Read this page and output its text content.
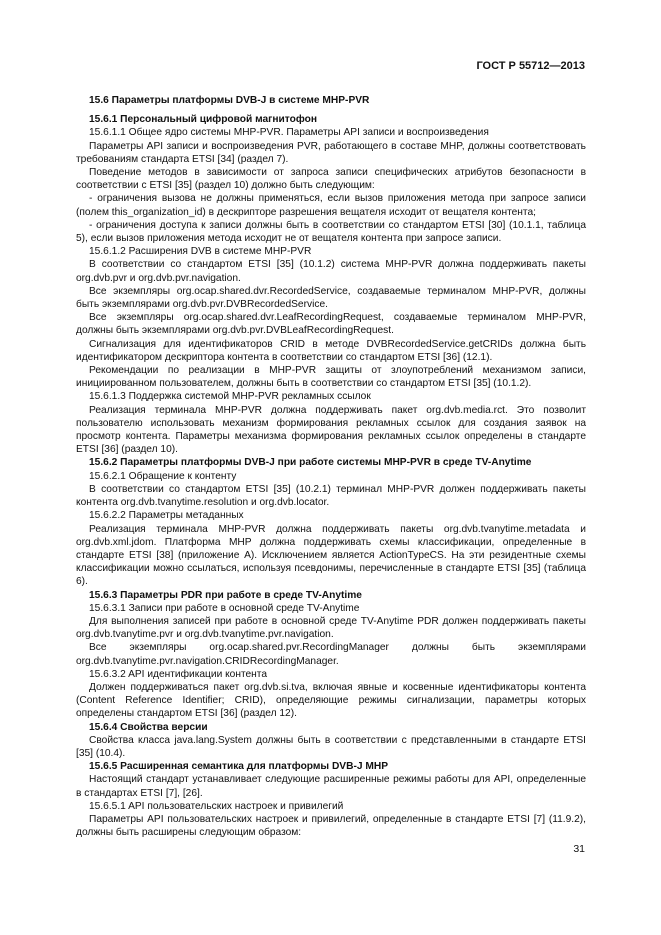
ГОСТ Р 55712—2013

15.6 Параметры платформы DVB-J в системе MHP-PVR

15.6.1 Персональный цифровой магнитофон

15.6.1.1 Общее ядро системы MHP-PVR. Параметры API записи и воспроизведения

Параметры API записи и воспроизведения PVR, работающего в составе MHP, должны соответствовать требованиям стандарта ETSI [34] (раздел 7).

Поведение методов в зависимости от запроса записи специфических атрибутов безопасности в соответствии с ETSI [35] (раздел 10) должно быть следующим:

- ограничения вызова не должны применяться, если вызов приложения метода при запросе записи (полем this_organization_id) в дескрипторе разрешения вещателя исходит от вещателя контента;

- ограничения доступа к записи должны быть в соответствии со стандартом ETSI [30] (10.1.1, таблица 5), если вызов приложения метода исходит не от вещателя контента при запросе записи.

15.6.1.2 Расширения DVB в системе MHP-PVR

В соответствии со стандартом ETSI [35] (10.1.2) система MHP-PVR должна поддерживать пакеты org.dvb.pvr и org.dvb.pvr.navigation.

Все экземпляры org.ocap.shared.dvr.RecordedService, создаваемые терминалом MHP-PVR, должны быть экземплярами org.dvb.pvr.DVBRecordedService.

Все экземпляры org.ocap.shared.dvr.LeafRecordingRequest, создаваемые терминалом MHP-PVR, должны быть экземплярами org.dvb.pvr.DVBLeafRecordingRequest.

Сигнализация для идентификаторов CRID в методе DVBRecordedService.getCRIDs должна быть идентификатором дескриптора контента в соответствии со стандартом ETSI [36] (12.1).

Рекомендации по реализации в MHP-PVR защиты от злоупотреблений механизмом записи, инициированном пользователем, должны быть в соответствии со стандартом ETSI [35] (10.1.2).

15.6.1.3 Поддержка системой MHP-PVR рекламных ссылок

Реализация терминала MHP-PVR должна поддерживать пакет org.dvb.media.rct. Это позволит пользователю использовать механизм формирования рекламных ссылок для создания заявок на просмотр контента. Параметры механизма формирования рекламных ссылок определены в стандарте ETSI [36] (раздел 10).

15.6.2 Параметры платформы DVB-J при работе системы MHP-PVR в среде TV-Anytime

15.6.2.1 Обращение к контенту

В соответствии со стандартом ETSI [35] (10.2.1) терминал MHP-PVR должен поддерживать пакеты контента org.dvb.tvanytime.resolution и org.dvb.locator.

15.6.2.2 Параметры метаданных

Реализация терминала MHP-PVR должна поддерживать пакеты org.dvb.tvanytime.metadata и org.dvb.xml.jdom. Платформа MHP должна поддерживать схемы классификации, определенные в стандарте ETSI [38] (приложение А). Исключением является ActionTypeCS. На эти резидентные схемы классификации можно ссылаться, используя псевдонимы, перечисленные в стандарте ETSI [35] (таблица 6).

15.6.3 Параметры PDR при работе в среде TV-Anytime

15.6.3.1 Записи при работе в основной среде TV-Anytime

Для выполнения записей при работе в основной среде TV-Anytime PDR должен поддерживать пакеты org.dvb.tvanytime.pvr и org.dvb.tvanytime.pvr.navigation.

Все экземпляры org.ocap.shared.pvr.RecordingManager должны быть экземплярами org.dvb.tvanytime.pvr.navigation.CRIDRecordingManager.

15.6.3.2 API идентификации контента

Должен поддерживаться пакет org.dvb.si.tva, включая явные и косвенные идентификаторы контента (Content Reference Identifier; CRID), определяющие режимы сигнализации, параметры которых определены стандартом ETSI [36] (раздел 12).

15.6.4 Свойства версии

Свойства класса java.lang.System должны быть в соответствии с представленными в стандарте ETSI [35] (10.4).

15.6.5 Расширенная семантика для платформы DVB-J MHP

Настоящий стандарт устанавливает следующие расширенные режимы работы для API, определенные в стандартах ETSI [7], [26].

15.6.5.1 API пользовательских настроек и привилегий

Параметры API пользовательских настроек и привилегий, определенные в стандарте ETSI [7] (11.9.2), должны быть расширены следующим образом:

31
